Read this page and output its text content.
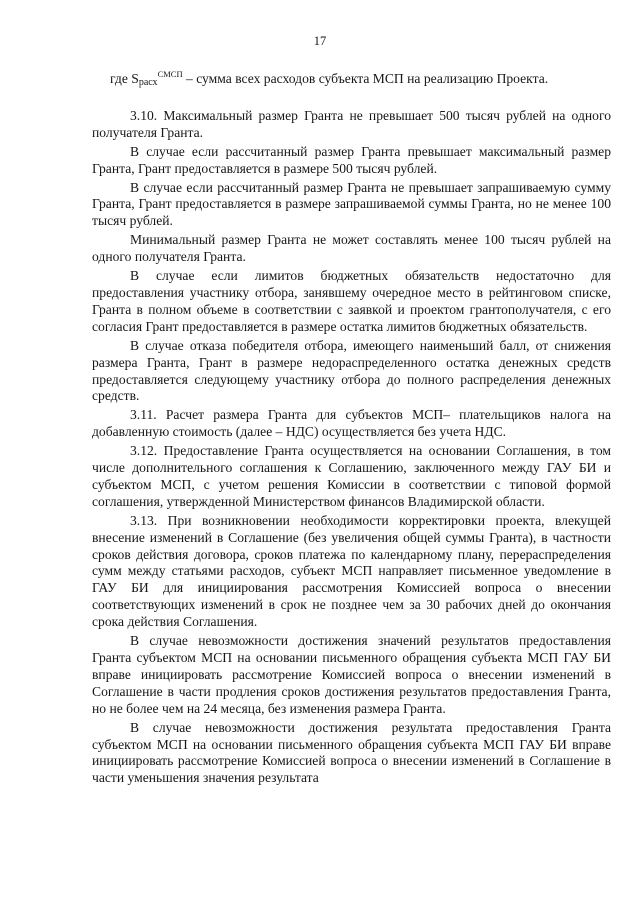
17

где $S_{расх}^{СМСП}$ – сумма всех расходов субъекта МСП на реализацию Проекта.

3.10. Максимальный размер Гранта не превышает 500 тысяч рублей на одного получателя Гранта.

В случае если рассчитанный размер Гранта превышает максимальный размер Гранта, Грант предоставляется в размере 500 тысяч рублей.

В случае если рассчитанный размер Гранта не превышает запрашиваемую сумму Гранта, Грант предоставляется в размере запрашиваемой суммы Гранта, но не менее 100 тысяч рублей.

Минимальный размер Гранта не может составлять менее 100 тысяч рублей на одного получателя Гранта.

В случае если лимитов бюджетных обязательств недостаточно для предоставления участнику отбора, занявшему очередное место в рейтинговом списке, Гранта в полном объеме в соответствии с заявкой и проектом грантополучателя, с его согласия Грант предоставляется в размере остатка лимитов бюджетных обязательств.

В случае отказа победителя отбора, имеющего наименьший балл, от снижения размера Гранта, Грант в размере недораспределенного остатка денежных средств предоставляется следующему участнику отбора до полного распределения денежных средств.

3.11. Расчет размера Гранта для субъектов МСП– плательщиков налога на добавленную стоимость (далее – НДС) осуществляется без учета НДС.

3.12. Предоставление Гранта осуществляется на основании Соглашения, в том числе дополнительного соглашения к Соглашению, заключенного между ГАУ БИ и субъектом МСП, с учетом решения Комиссии в соответствии с типовой формой соглашения, утвержденной Министерством финансов Владимирской области.

3.13. При возникновении необходимости корректировки проекта, влекущей внесение изменений в Соглашение (без увеличения общей суммы Гранта), в частности сроков действия договора, сроков платежа по календарному плану, перераспределения сумм между статьями расходов, субъект МСП направляет письменное уведомление в ГАУ БИ для инициирования рассмотрения Комиссией вопроса о внесении соответствующих изменений в срок не позднее чем за 30 рабочих дней до окончания срока действия Соглашения.

В случае невозможности достижения значений результатов предоставления Гранта субъектом МСП на основании письменного обращения субъекта МСП ГАУ БИ вправе инициировать рассмотрение Комиссией вопроса о внесении изменений в Соглашение в части продления сроков достижения результатов предоставления Гранта, но не более чем на 24 месяца, без изменения размера Гранта.

В случае невозможности достижения результата предоставления Гранта субъектом МСП на основании письменного обращения субъекта МСП ГАУ БИ вправе инициировать рассмотрение Комиссией вопроса о внесении изменений в Соглашение в части уменьшения значения результата
